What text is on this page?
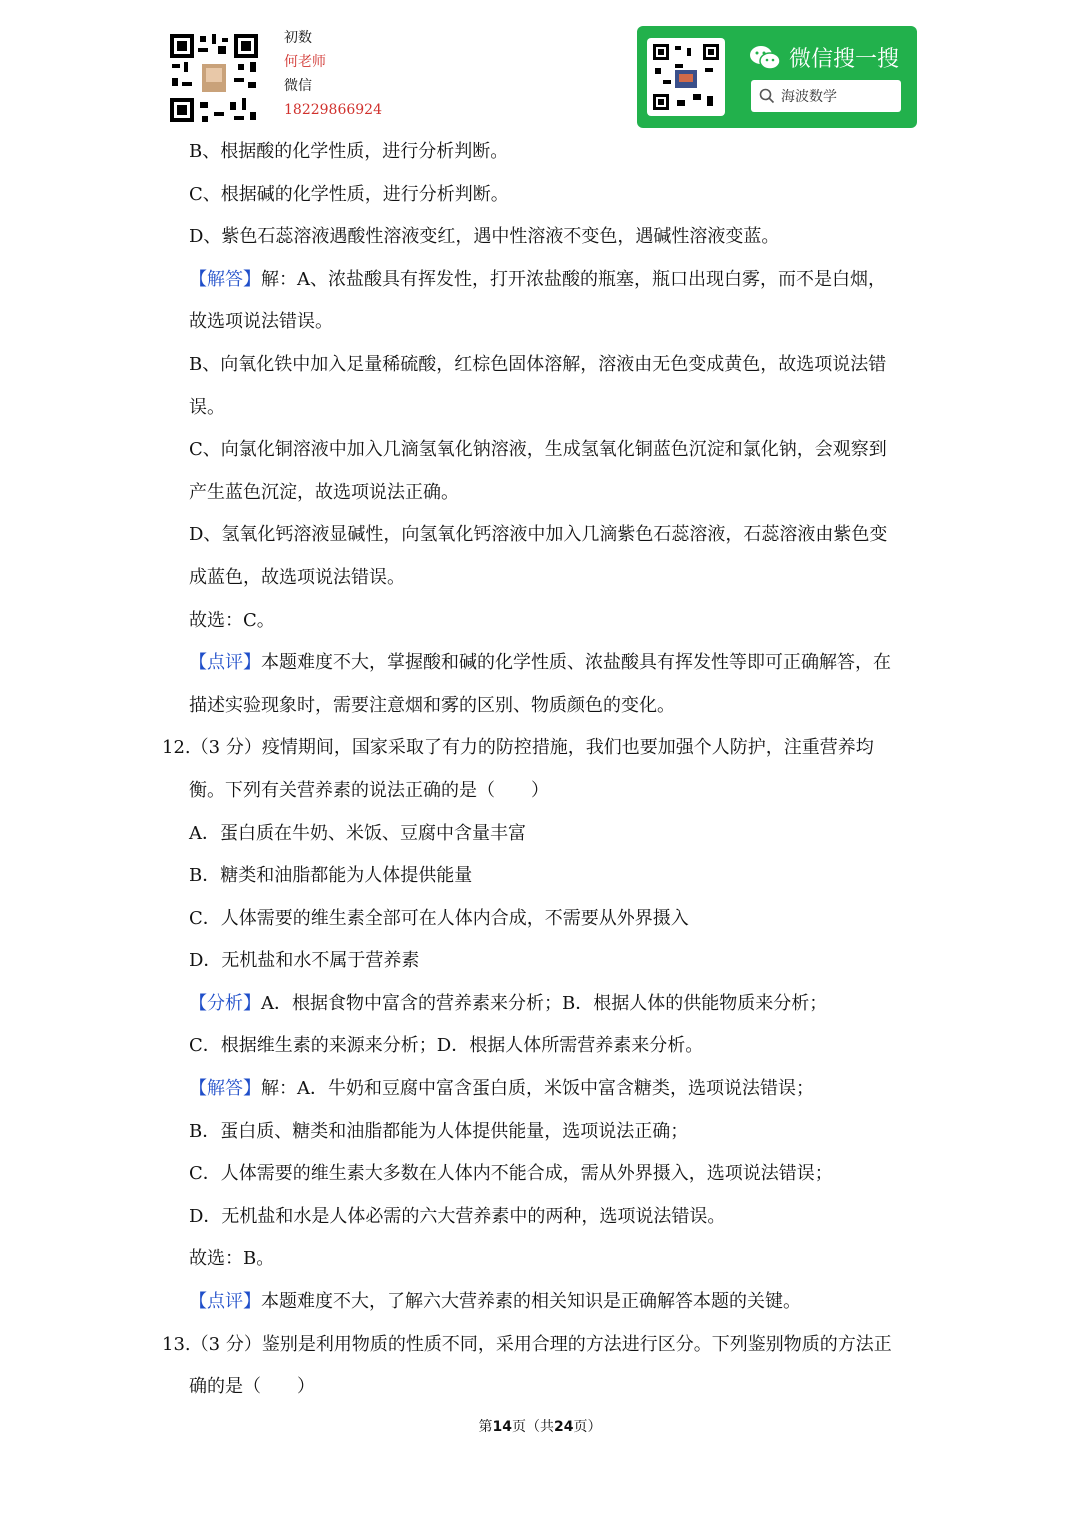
初数
何老师
微信
18229866924
微信搜一搜
海波数学
B、根据酸的化学性质，进行分析判断。
C、根据碱的化学性质，进行分析判断。
D、紫色石蕊溶液遇酸性溶液变红，遇中性溶液不变色，遇碱性溶液变蓝。
【解答】解：A、浓盐酸具有挥发性，打开浓盐酸的瓶塞，瓶口出现白雾，而不是白烟，
故选项说法错误。
B、向氧化铁中加入足量稀硫酸，红棕色固体溶解，溶液由无色变成黄色，故选项说法错
误。
C、向氯化铜溶液中加入几滴氢氧化钠溶液，生成氢氧化铜蓝色沉淀和氯化钠，会观察到
产生蓝色沉淀，故选项说法正确。
D、氢氧化钙溶液显碱性，向氢氧化钙溶液中加入几滴紫色石蕊溶液，石蕊溶液由紫色变
成蓝色，故选项说法错误。
故选：C。
【点评】本题难度不大，掌握酸和碱的化学性质、浓盐酸具有挥发性等即可正确解答，在
描述实验现象时，需要注意烟和雾的区别、物质颜色的变化。
12.（3 分）疫情期间，国家采取了有力的防控措施，我们也要加强个人防护，注重营养均
衡。下列有关营养素的说法正确的是（　　）
A．蛋白质在牛奶、米饭、豆腐中含量丰富
B．糖类和油脂都能为人体提供能量
C．人体需要的维生素全部可在人体内合成，不需要从外界摄入
D．无机盐和水不属于营养素
【分析】A．根据食物中富含的营养素来分析；B．根据人体的供能物质来分析；
C．根据维生素的来源来分析；D．根据人体所需营养素来分析。
【解答】解：A．牛奶和豆腐中富含蛋白质，米饭中富含糖类，选项说法错误；
B．蛋白质、糖类和油脂都能为人体提供能量，选项说法正确；
C．人体需要的维生素大多数在人体内不能合成，需从外界摄入，选项说法错误；
D．无机盐和水是人体必需的六大营养素中的两种，选项说法错误。
故选：B。
【点评】本题难度不大，了解六大营养素的相关知识是正确解答本题的关键。
13.（3 分）鉴别是利用物质的性质不同，采用合理的方法进行区分。下列鉴别物质的方法正
确的是（　　）
第14页（共24页）
